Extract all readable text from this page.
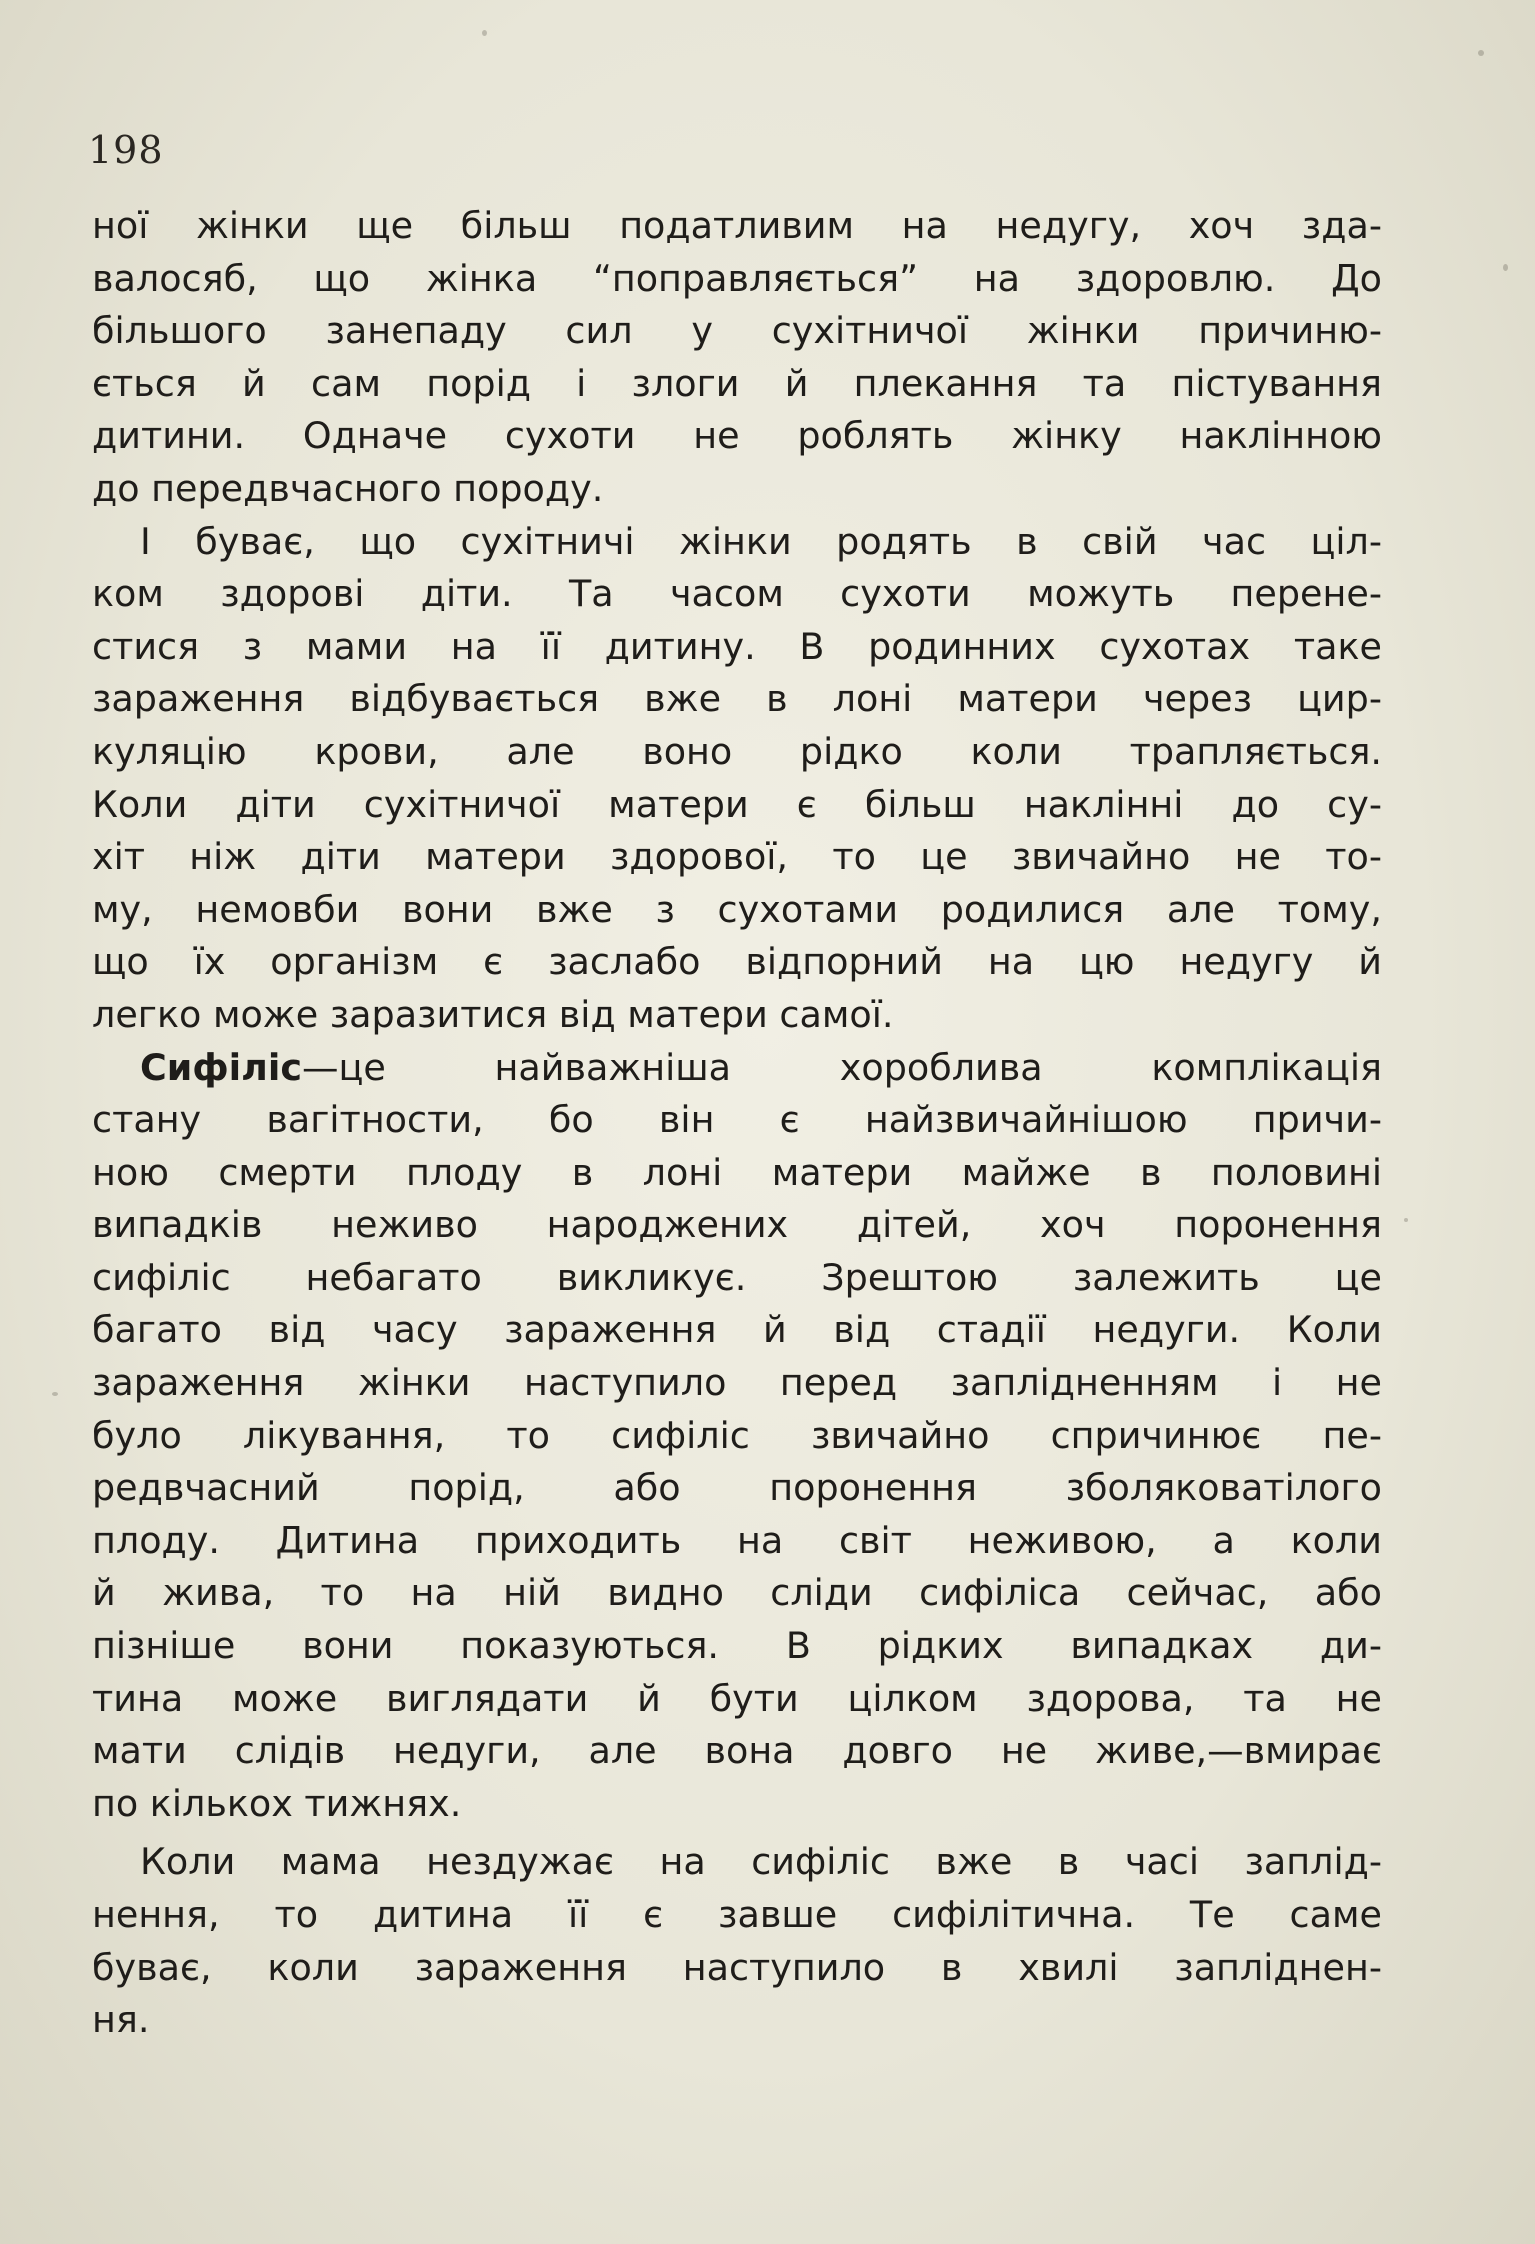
198
ної жінки ще більш податливим на недугу, хоч зда-
валосяб, що жінка “поправляється” на здоровлю. До
більшого занепаду сил у сухітничої жінки причиню-
ється й сам порід і злоги й плекання та пістування
дитини. Одначе сухоти не роблять жінку наклінною
до передвчасного породу.
І буває, що сухітничі жінки родять в свій час ціл-
ком здорові діти. Та часом сухоти можуть перене-
стися з мами на її дитину. В родинних сухотах таке
зараження відбувається вже в лоні матери через цир-
куляцію крови, але воно рідко коли трапляється.
Коли діти сухітничої матери є більш наклінні до су-
хіт ніж діти матери здорової, то це звичайно не то-
му, немовби вони вже з сухотами родилися але тому,
що їх організм є заслабо відпорний на цю недугу й
легко може заразитися від матери самої.
Сифіліс—це найважніша хороблива комплікація
стану вагітности, бо він є найзвичайнішою причи-
ною смерти плоду в лоні матери майже в половині
випадків неживо народжених дітей, хоч поронення
сифіліс небагато викликує. Зрештою залежить це
багато від часу зараження й від стадії недуги. Коли
зараження жінки наступило перед заплідненням і не
було лікування, то сифіліс звичайно спричинює пе-
редвчасний порід, або поронення зболяковатілого
плоду. Дитина приходить на світ неживою, а коли
й жива, то на ній видно сліди сифіліса сейчас, або
пізніше вони показуються. В рідких випадках ди-
тина може виглядати й бути цілком здорова, та не
мати слідів недуги, але вона довго не живе,—вмирає
по кількох тижнях.
Коли мама нездужає на сифіліс вже в часі заплід-
нення, то дитина її є завше сифілітична. Те саме
буває, коли зараження наступило в хвилі запліднен-
ня.
